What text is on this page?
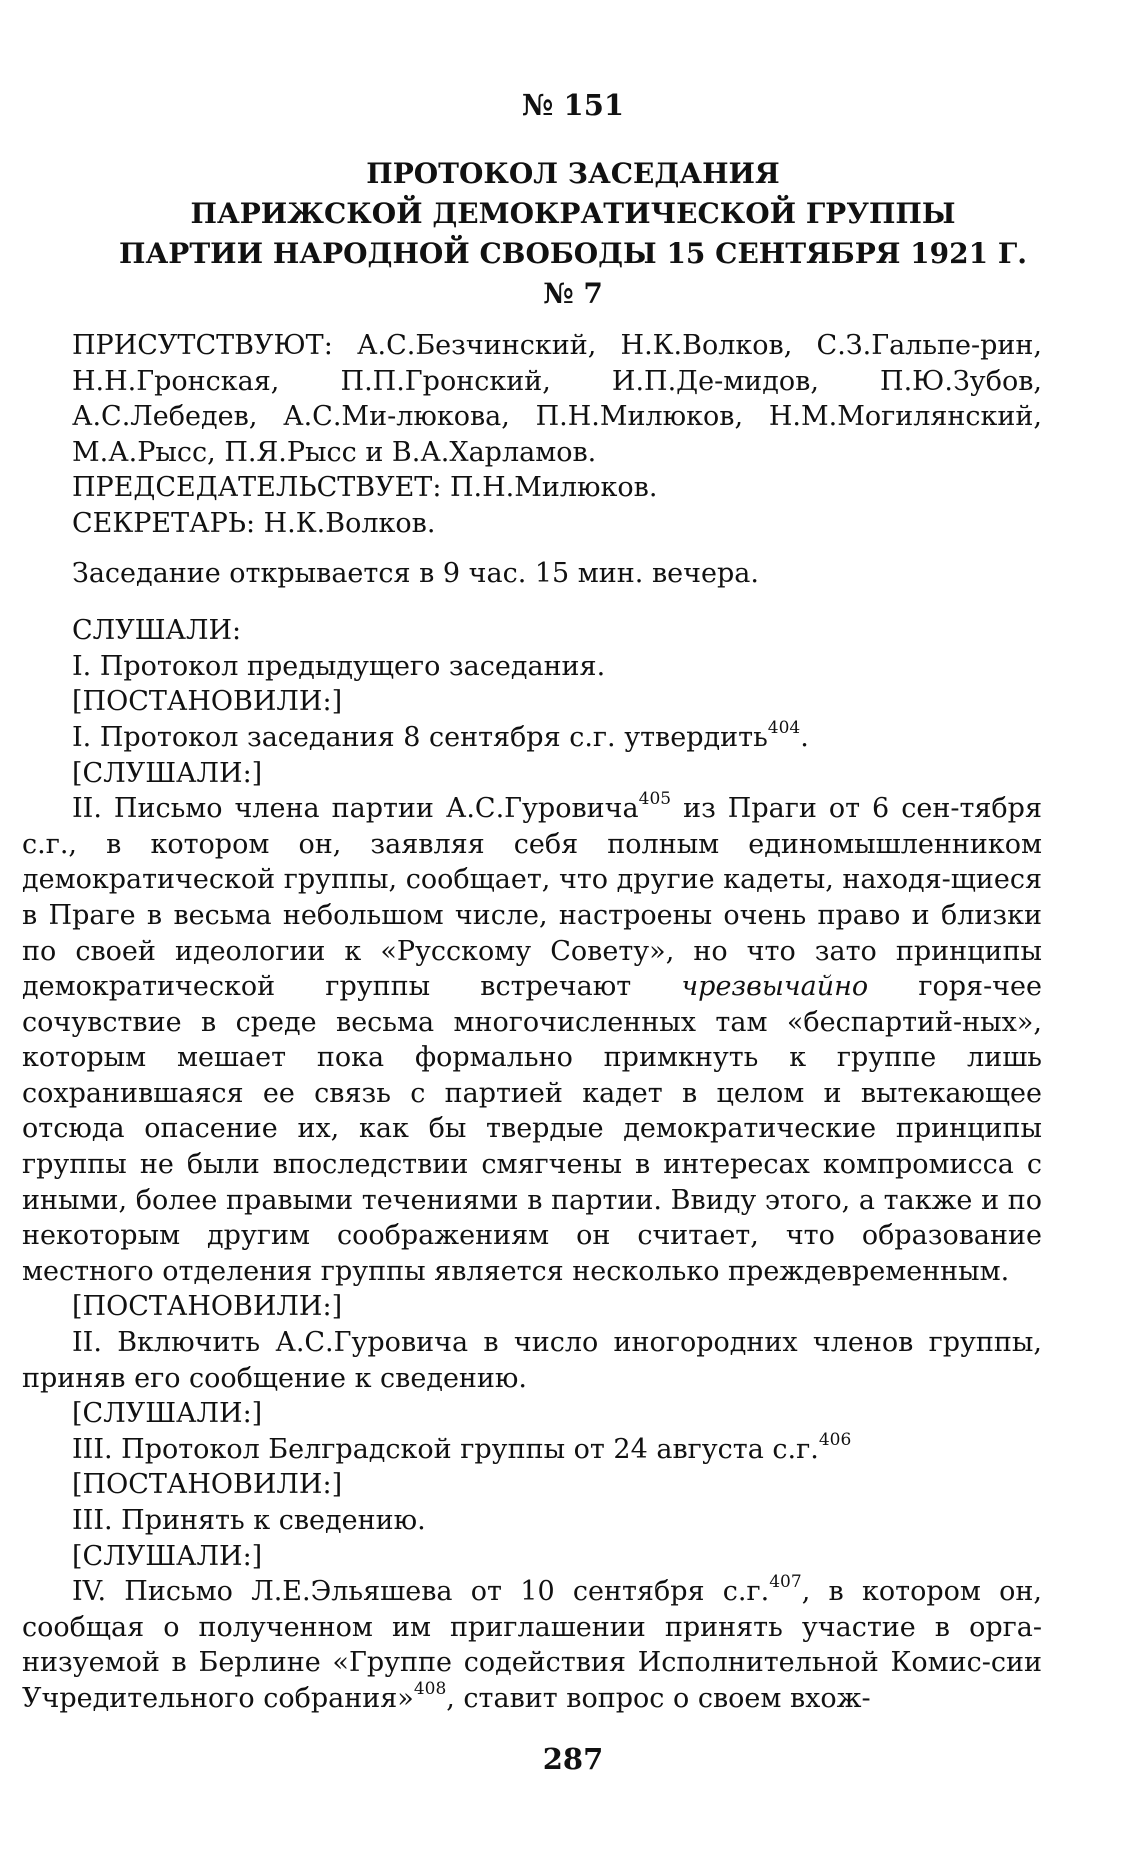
№ 151
ПРОТОКОЛ ЗАСЕДАНИЯ
ПАРИЖСКОЙ ДЕМОКРАТИЧЕСКОЙ ГРУППЫ
ПАРТИИ НАРОДНОЙ СВОБОДЫ 15 СЕНТЯБРЯ 1921 Г.
№ 7

ПРИСУТСТВУЮТ: А.С.Безчинский, Н.К.Волков, С.З.Гальпе-рин, Н.Н.Гронская, П.П.Гронский, И.П.Де-мидов, П.Ю.Зубов, А.С.Лебедев, А.С.Ми-люкова, П.Н.Милюков, Н.М.Могилянский, М.А.Рысс, П.Я.Рысс и В.А.Харламов.

ПРЕДСЕДАТЕЛЬСТВУЕТ: П.Н.Милюков.

СЕКРЕТАРЬ: Н.К.Волков.

Заседание открывается в 9 час. 15 мин. вечера.

СЛУШАЛИ:

I. Протокол предыдущего заседания.

[ПОСТАНОВИЛИ:]

I. Протокол заседания 8 сентября с.г. утвердить$^{404}$.

[СЛУШАЛИ:]

II. Письмо члена партии А.С.Гуровича$^{405}$ из Праги от 6 сен-тября с.г., в котором он, заявляя себя полным единомышленником демократической группы, сообщает, что другие кадеты, находя-щиеся в Праге в весьма небольшом числе, настроены очень право и близки по своей идеологии к «Русскому Совету», но что зато принципы демократической группы встречают чрезвычайно горя-чее сочувствие в среде весьма многочисленных там «беспартий-ных», которым мешает пока формально примкнуть к группе лишь сохранившаяся ее связь с партией кадет в целом и вытекающее отсюда опасение их, как бы твердые демократические принципы группы не были впоследствии смягчены в интересах компромисса с иными, более правыми течениями в партии. Ввиду этого, а также и по некоторым другим соображениям он считает, что образование местного отделения группы является несколько преждевременным.

[ПОСТАНОВИЛИ:]

II. Включить А.С.Гуровича в число иногородних членов группы, приняв его сообщение к сведению.

[СЛУШАЛИ:]

III. Протокол Белградской группы от 24 августа с.г.$^{406}$

[ПОСТАНОВИЛИ:]

III. Принять к сведению.

[СЛУШАЛИ:]

IV. Письмо Л.Е.Эльяшева от 10 сентября с.г.$^{407}$, в котором он, сообщая о полученном им приглашении принять участие в орга-низуемой в Берлине «Группе содействия Исполнительной Комис-сии Учредительного собрания»$^{408}$, ставит вопрос о своем вхож-

287
